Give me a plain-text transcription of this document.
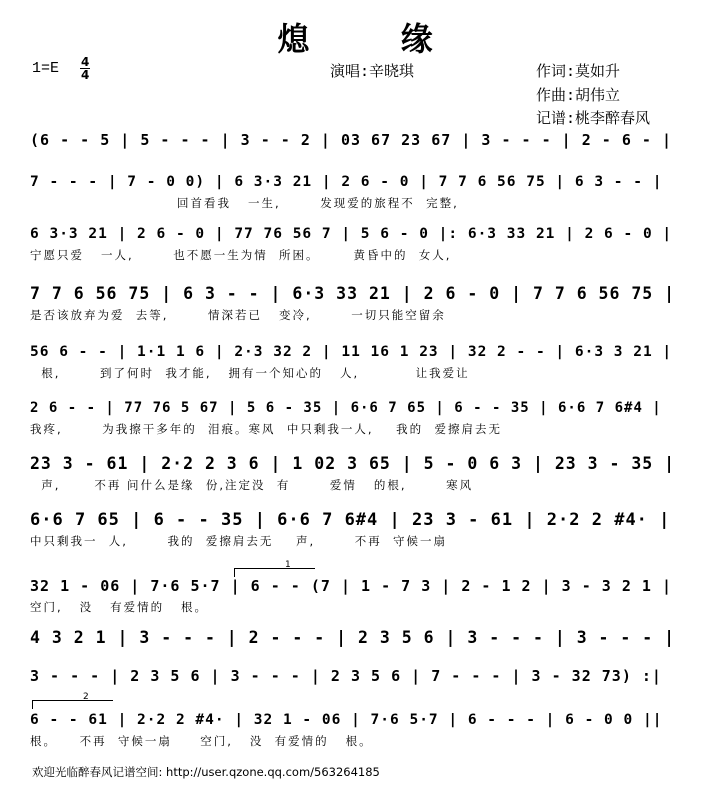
熄 缘
1=E 4
4	演唱:辛晓琪	作词:莫如升
作曲:胡伟立
记谱:桃李醉春风
(6 - - 5 | 5 - - - | 3 - - 2 | 03 67 23 67 | 3 - - - | 2 - 6 - |
7 - - - | 7 - 0 0) | 6 3·3 21 | 2 6 - 0 | 7 7 6 56 75 | 6 3 - - |
回首看我   一生,       发现爱的旅程不  完整,
6 3·3 21 | 2 6 - 0 | 77 76 56 7 | 5 6 - 0 |: 6·3 33 21 | 2 6 - 0 |
宁愿只爱   一人,       也不愿一生为情  所困。      黄昏中的  女人,
7 7 6 56 75 | 6 3 - - | 6·3 33 21 | 2 6 - 0 | 7 7 6 56 75 |
是否该放弃为爱  去等,       情深若已   变冷,       一切只能空留余
56 6 - - | 1·1 1 6 | 2·3 32 2 | 11 16 1 23 | 32 2 - - | 6·3 3 21 |
根,       到了何时  我才能,   拥有一个知心的   人,          让我爱让
2 6 - - | 77 76 5 67 | 5 6 - 35 | 6·6 7 65 | 6 - - 35 | 6·6 7 6#4 |
我疼,       为我擦干多年的  泪痕。寒风  中只剩我一人,    我的  爱擦肩去无
23 3 - 61 | 2·2 2 3 6 | 1 02 3 65 | 5 - 0 6 3 | 23 3 - 35 |
声,      不再 问什么是缘  份,注定没  有       爱情   的根,       寒风
6·6 7 65 | 6 - - 35 | 6·6 7 6#4 | 23 3 - 61 | 2·2 2 #4· |
中只剩我一  人,       我的  爱擦肩去无    声,       不再  守候一扇
32 1 - 06 | 7·6 5·7 | 6 - - (7 | 1 - 7 3 | 2 - 1 2 | 3 - 3 2 1 |
空门,   没   有爱情的   根。
4 3 2 1 | 3 - - - | 2 - - - | 2 3 5 6 | 3 - - - | 3 - - - |
3 - - - | 2 3 5 6 | 3 - - - | 2 3 5 6 | 7 - - - | 3 - 32 73) :|
6 - - 61 | 2·2 2 #4· | 32 1 - 06 | 7·6 5·7 | 6 - - - | 6 - 0 0 ||
根。    不再  守候一扇     空门,   没  有爱情的   根。
1
2
欢迎光临醉春风记谱空间: http://user.qzone.qq.com/563264185
